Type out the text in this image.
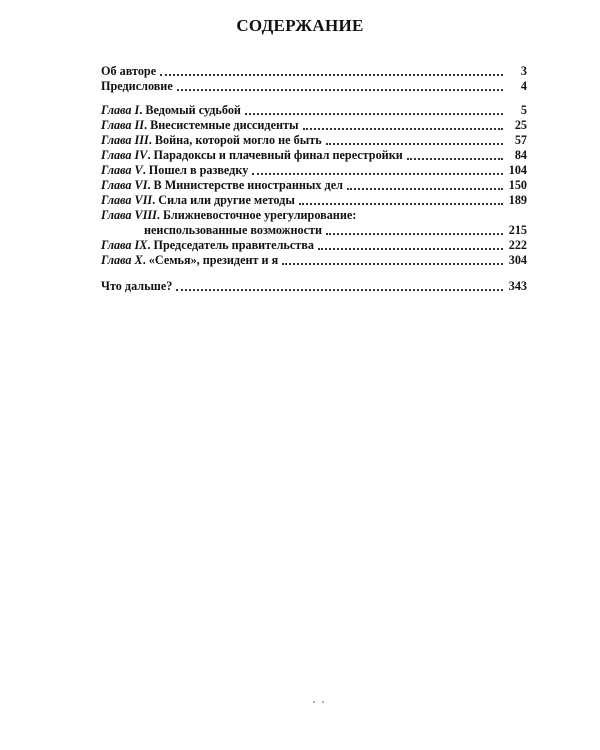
СОДЕРЖАНИЕ
Об авторе	3
Предисловие	4
Глава I. Ведомый судьбой	5
Глава II. Внесистемные диссиденты	25
Глава III. Война, которой могло не быть	57
Глава IV. Парадоксы и плачевный финал перестройки	84
Глава V. Пошел в разведку	104
Глава VI. В Министерстве иностранных дел	150
Глава VII. Сила или другие методы	189
Глава VIII. Ближневосточное урегулирование:
неиспользованные возможности	215
Глава IX. Председатель правительства	222
Глава X. «Семья», президент и я	304
Что дальше?	343
